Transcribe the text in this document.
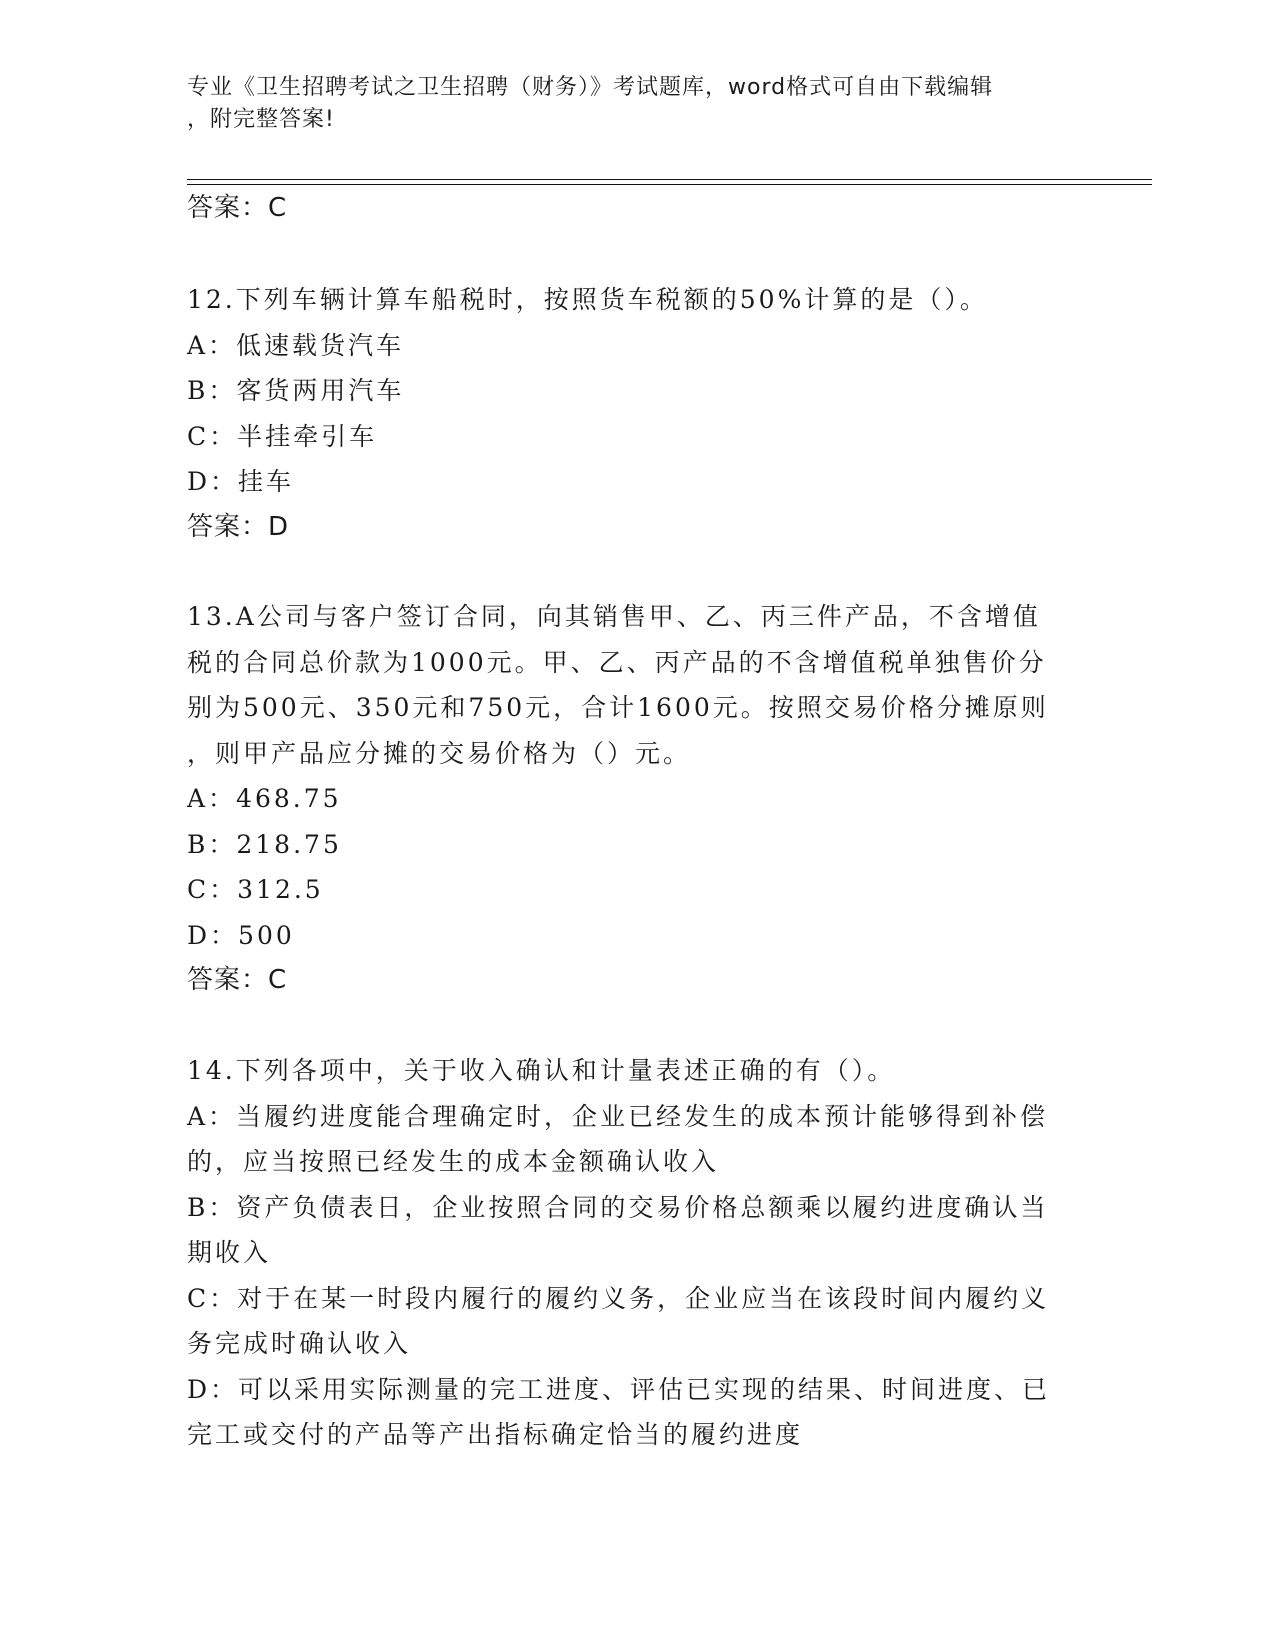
专业《卫生招聘考试之卫生招聘（财务）》考试题库，word格式可自由下载编辑
，附完整答案!
答案：C
12.下列车辆计算车船税时，按照货车税额的50%计算的是（）。
A：低速载货汽车
B：客货两用汽车
C：半挂牵引车
D：挂车
答案：D
13.A公司与客户签订合同，向其销售甲、乙、丙三件产品，不含增值
税的合同总价款为1000元。甲、乙、丙产品的不含增值税单独售价分
别为500元、350元和750元，合计1600元。按照交易价格分摊原则
，则甲产品应分摊的交易价格为（）元。
A：468.75
B：218.75
C：312.5
D：500
答案：C
14.下列各项中，关于收入确认和计量表述正确的有（）。
A：当履约进度能合理确定时，企业已经发生的成本预计能够得到补偿
的，应当按照已经发生的成本金额确认收入
B：资产负债表日，企业按照合同的交易价格总额乘以履约进度确认当
期收入
C：对于在某一时段内履行的履约义务，企业应当在该段时间内履约义
务完成时确认收入
D：可以采用实际测量的完工进度、评估已实现的结果、时间进度、已
完工或交付的产品等产出指标确定恰当的履约进度
